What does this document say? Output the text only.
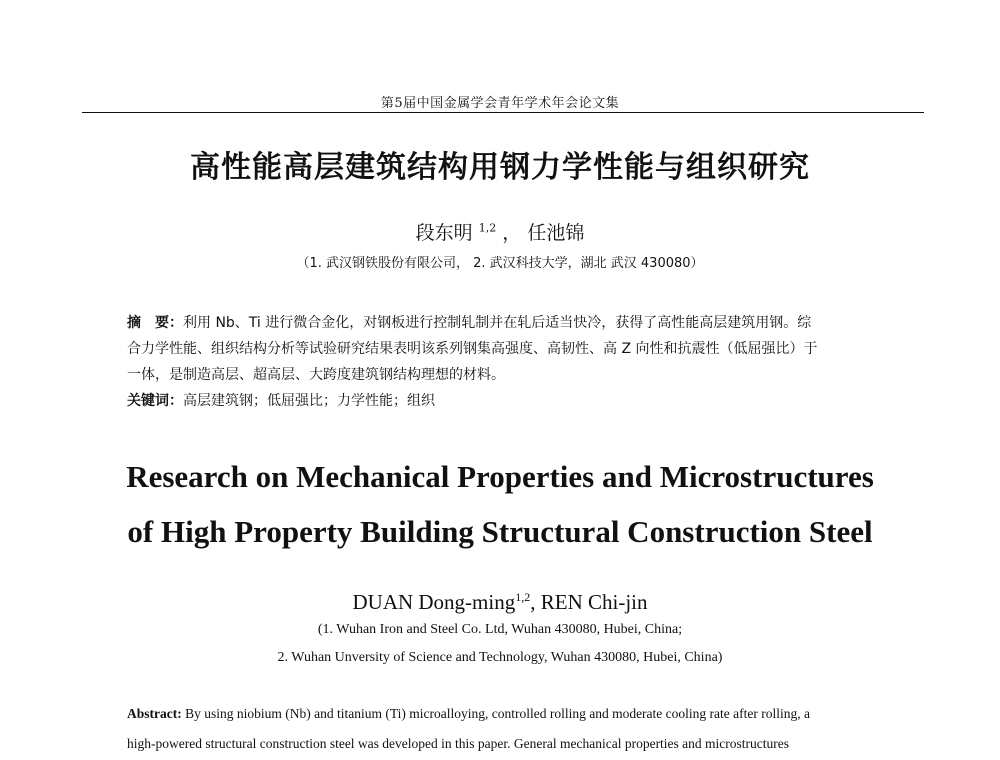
第5届中国金属学会青年学术年会论文集
高性能高层建筑结构用钢力学性能与组织研究
段东明 $^{1,2}$ ， 任池锦
（1. 武汉钢铁股份有限公司， 2. 武汉科技大学，湖北 武汉 430080）
摘　要：利用 Nb、Ti 进行微合金化，对钢板进行控制轧制并在轧后适当快冷，获得了高性能高层建筑用钢。综
合力学性能、组织结构分析等试验研究结果表明该系列钢集高强度、高韧性、高 Z 向性和抗震性（低屈强比）于
一体，是制造高层、超高层、大跨度建筑钢结构理想的材料。
关键词：高层建筑钢；低屈强比；力学性能；组织
Research on Mechanical Properties and Microstructures
of High Property Building Structural Construction Steel
DUAN Dong-ming$^{1,2}$, REN Chi-jin
(1. Wuhan Iron and Steel Co. Ltd, Wuhan 430080, Hubei, China;
2. Wuhan Unversity of Science and Technology, Wuhan 430080, Hubei, China)
Abstract: By using niobium (Nb) and titanium (Ti) microalloying, controlled rolling and moderate cooling rate after rolling, a
high-powered structural construction steel was developed in this paper. General mechanical properties and microstructures
